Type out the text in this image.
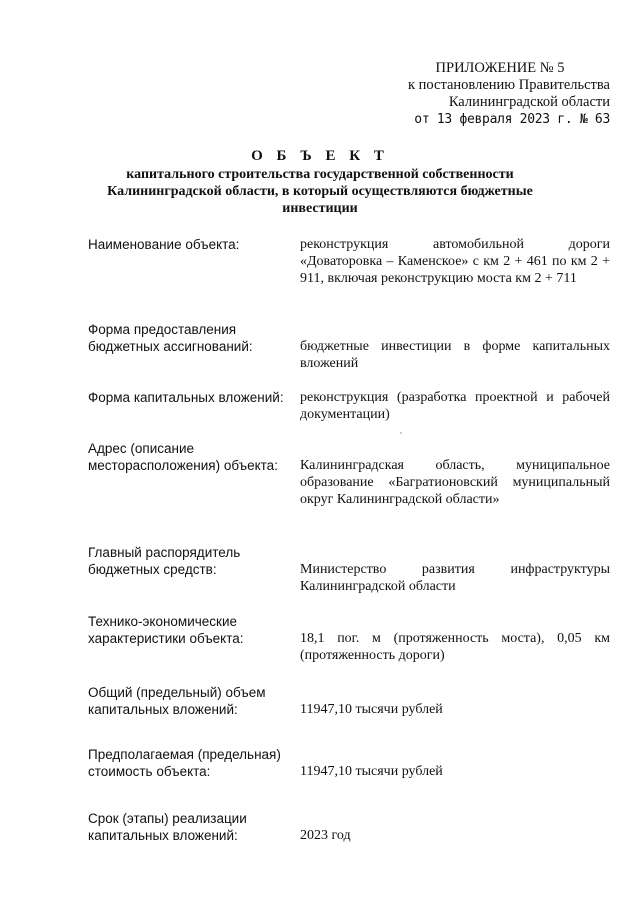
ПРИЛОЖЕНИЕ № 5
к постановлению Правительства
Калининградской области
от 13 февраля 2023 г. № 63
О Б Ъ Е К Т
капитального строительства государственной собственности
Калининградской области, в который осуществляются бюджетные
инвестиции
Наименование объекта:	реконструкция автомобильной дороги «Доваторовка – Каменское» с км 2 + 461 по км 2 + 911, включая реконструкцию моста км 2 + 711
Форма предоставления
бюджетных ассигнований:	бюджетные инвестиции в форме капитальных вложений
Форма капитальных вложений:	реконструкция (разработка проектной и рабочей документации)
Адрес (описание
месторасположения) объекта:	Калининградская область, муниципальное образование «Багратионовский муниципальный округ Калининградской области»
Главный распорядитель
бюджетных средств:	Министерство развития инфраструктуры Калининградской области
Технико-экономические
характеристики объекта:	18,1 пог. м (протяженность моста), 0,05 км (протяженность дороги)
Общий (предельный) объем
капитальных вложений:	11947,10 тысячи рублей
Предполагаемая (предельная)
стоимость объекта:	11947,10 тысячи рублей
Срок (этапы) реализации
капитальных вложений:	2023 год
